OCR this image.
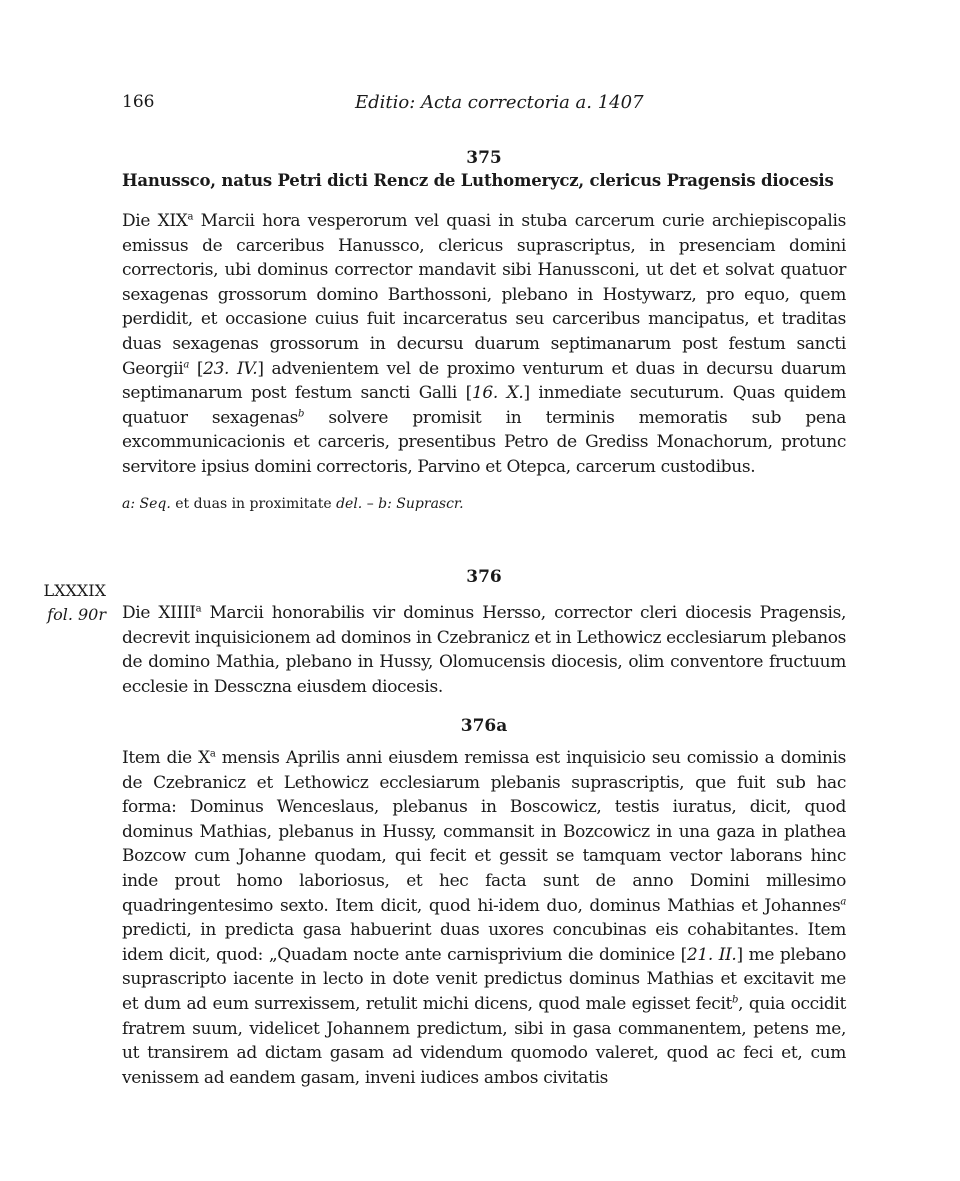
166	Editio: Acta correctoria a. 1407
375
Hanussco, natus Petri dicti Rencz de Luthomerycz, clericus Pragensis diocesis

Die XIX$^a$ Marcii hora vesperorum vel quasi in stuba carcerum curie archiepiscopalis emissus de carceribus Hanussco, clericus suprascriptus, in presenciam domini correctoris, ubi dominus corrector mandavit sibi Hanussconi, ut det et solvat quatuor sexagenas grossorum domino Barthossoni, plebano in Hostywarz, pro equo, quem perdidit, et occasione cuius fuit incarceratus seu carceribus mancipatus, et traditas duas sexagenas grossorum in decursu duarum septimanarum post festum sancti Georgii$^a$ [23. IV.] advenientem vel de proximo venturum et duas in decursu duarum septimanarum post festum sancti Galli [16. X.] inmediate secuturum. Quas quidem quatuor sexagenas$^b$ solvere promisit in terminis memoratis sub pena excommunicacionis et carceris, presentibus Petro de Grediss Monachorum, protunc servitore ipsius domini correctoris, Parvino et Otepca, carcerum custodibus.

a: Seq. et duas in proximitate del. – b: Suprascr.
LXXXIX
fol. 90r
376

Die XIIII$^a$ Marcii honorabilis vir dominus Hersso, corrector cleri diocesis Pragensis, decrevit inquisicionem ad dominos in Czebranicz et in Lethowicz ecclesiarum plebanos de domino Mathia, plebano in Hussy, Olomucensis diocesis, olim conventore fructuum ecclesie in Dessczna eiusdem diocesis.

376a

Item die $X^a$ mensis Aprilis anni eiusdem remissa est inquisicio seu comissio a dominis de Czebranicz et Lethowicz ecclesiarum plebanis suprascriptis, que fuit sub hac forma: Dominus Wenceslaus, plebanus in Boscowicz, testis iuratus, dicit, quod dominus Mathias, plebanus in Hussy, commansit in Bozcowicz in una gaza in plathea Bozcow cum Johanne quodam, qui fecit et gessit se tamquam vector laborans hinc inde prout homo laboriosus, et hec facta sunt de anno Domini millesimo quadringentesimo sexto. Item dicit, quod hi-idem duo, dominus Mathias et Johannes$^a$ predicti, in predicta gasa habuerint duas uxores concubinas eis cohabitantes. Item idem dicit, quod: „Quadam nocte ante carnisprivium die dominice [21. II.] me plebano suprascripto iacente in lecto in dote venit predictus dominus Mathias et excitavit me et dum ad eum surrexissem, retulit michi dicens, quod male egisset fecit$^b$, quia occidit fratrem suum, videlicet Johannem predictum, sibi in gasa commanentem, petens me, ut transirem ad dictam gasam ad videndum quomodo valeret, quod ac feci et, cum venissem ad eandem gasam, inveni iudices ambos civitatis
